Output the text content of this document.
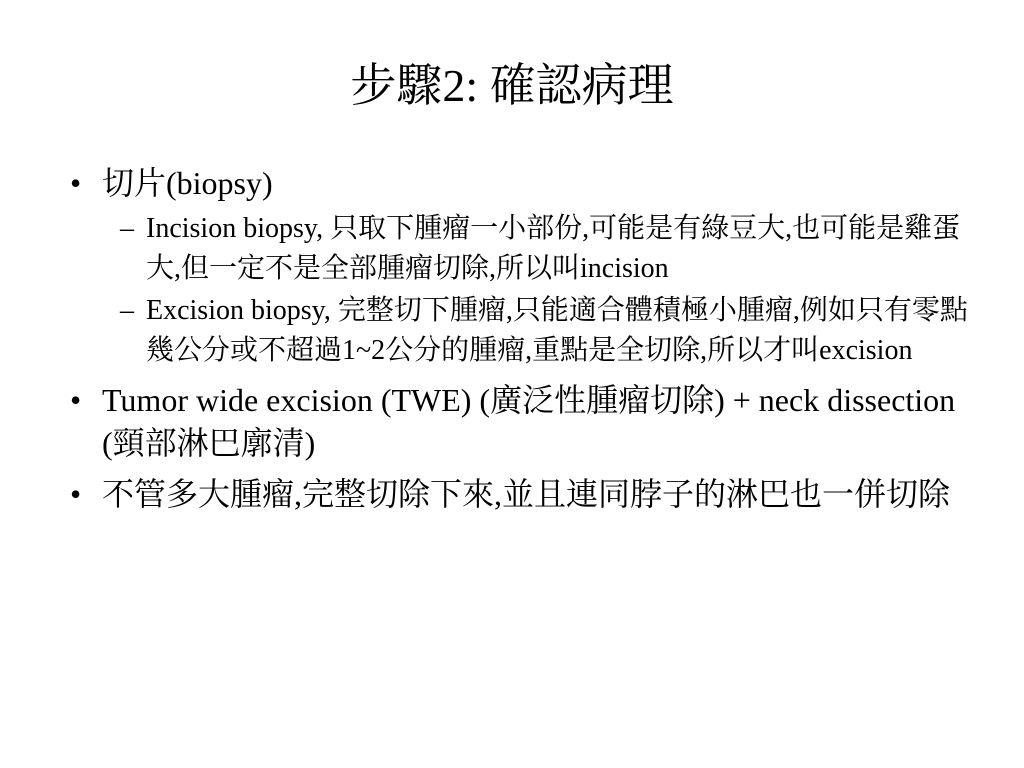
步驟2: 確認病理
• 切片(biopsy)
– Incision biopsy, 只取下腫瘤一小部份,可能是有綠豆大,也可能是雞蛋大,但一定不是全部腫瘤切除,所以叫incision
– Excision biopsy, 完整切下腫瘤,只能適合體積極小腫瘤,例如只有零點幾公分或不超過1~2公分的腫瘤,重點是全切除,所以才叫excision
• Tumor wide excision (TWE) (廣泛性腫瘤切除) + neck dissection (頸部淋巴廓清)
• 不管多大腫瘤,完整切除下來,並且連同脖子的淋巴也一併切除
